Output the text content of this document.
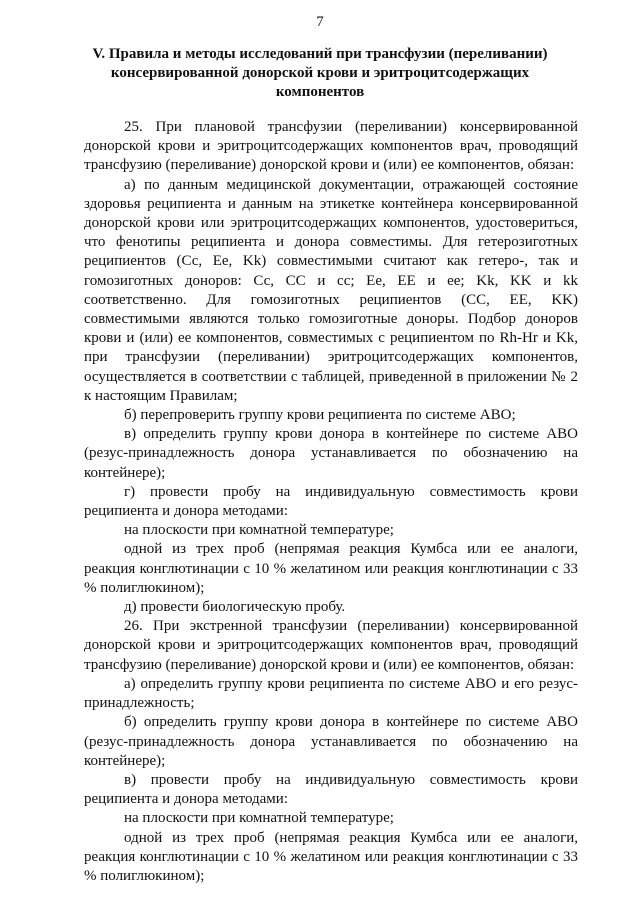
7
V. Правила и методы исследований при трансфузии (переливании) консервированной донорской крови и эритроцитсодержащих компонентов

25. При плановой трансфузии (переливании) консервированной донорской крови и эритроцитсодержащих компонентов врач, проводящий трансфузию (переливание) донорской крови и (или) ее компонентов, обязан:

а) по данным медицинской документации, отражающей состояние здоровья реципиента и данным на этикетке контейнера консервированной донорской крови или эритроцитсодержащих компонентов, удостовериться, что фенотипы реципиента и донора совместимы. Для гетерозиготных реципиентов (Сс, Ее, Kk) совместимыми считают как гетеро-, так и гомозиготных доноров: Сс, СС и сс; Ее, ЕЕ и ее; Kk, KK и kk соответственно. Для гомозиготных реципиентов (СС, ЕЕ, KK) совместимыми являются только гомозиготные доноры. Подбор доноров крови и (или) ее компонентов, совместимых с реципиентом по Rh-Hr и Kk, при трансфузии (переливании) эритроцитсодержащих компонентов, осуществляется в соответствии с таблицей, приведенной в приложении № 2 к настоящим Правилам;

б) перепроверить группу крови реципиента по системе АВО;

в) определить группу крови донора в контейнере по системе АВО (резус-принадлежность донора устанавливается по обозначению на контейнере);

г) провести пробу на индивидуальную совместимость крови реципиента и донора методами:

на плоскости при комнатной температуре;

одной из трех проб (непрямая реакция Кумбса или ее аналоги, реакция конглютинации с 10 % желатином или реакция конглютинации с 33 % полиглюкином);

д) провести биологическую пробу.

26. При экстренной трансфузии (переливании) консервированной донорской крови и эритроцитсодержащих компонентов врач, проводящий трансфузию (переливание) донорской крови и (или) ее компонентов, обязан:

а) определить группу крови реципиента по системе АВО и его резус-принадлежность;

б) определить группу крови донора в контейнере по системе АВО (резус-принадлежность донора устанавливается по обозначению на контейнере);

в) провести пробу на индивидуальную совместимость крови реципиента и донора методами:

на плоскости при комнатной температуре;

одной из трех проб (непрямая реакция Кумбса или ее аналоги, реакция конглютинации с 10 % желатином или реакция конглютинации с 33 % полиглюкином);
